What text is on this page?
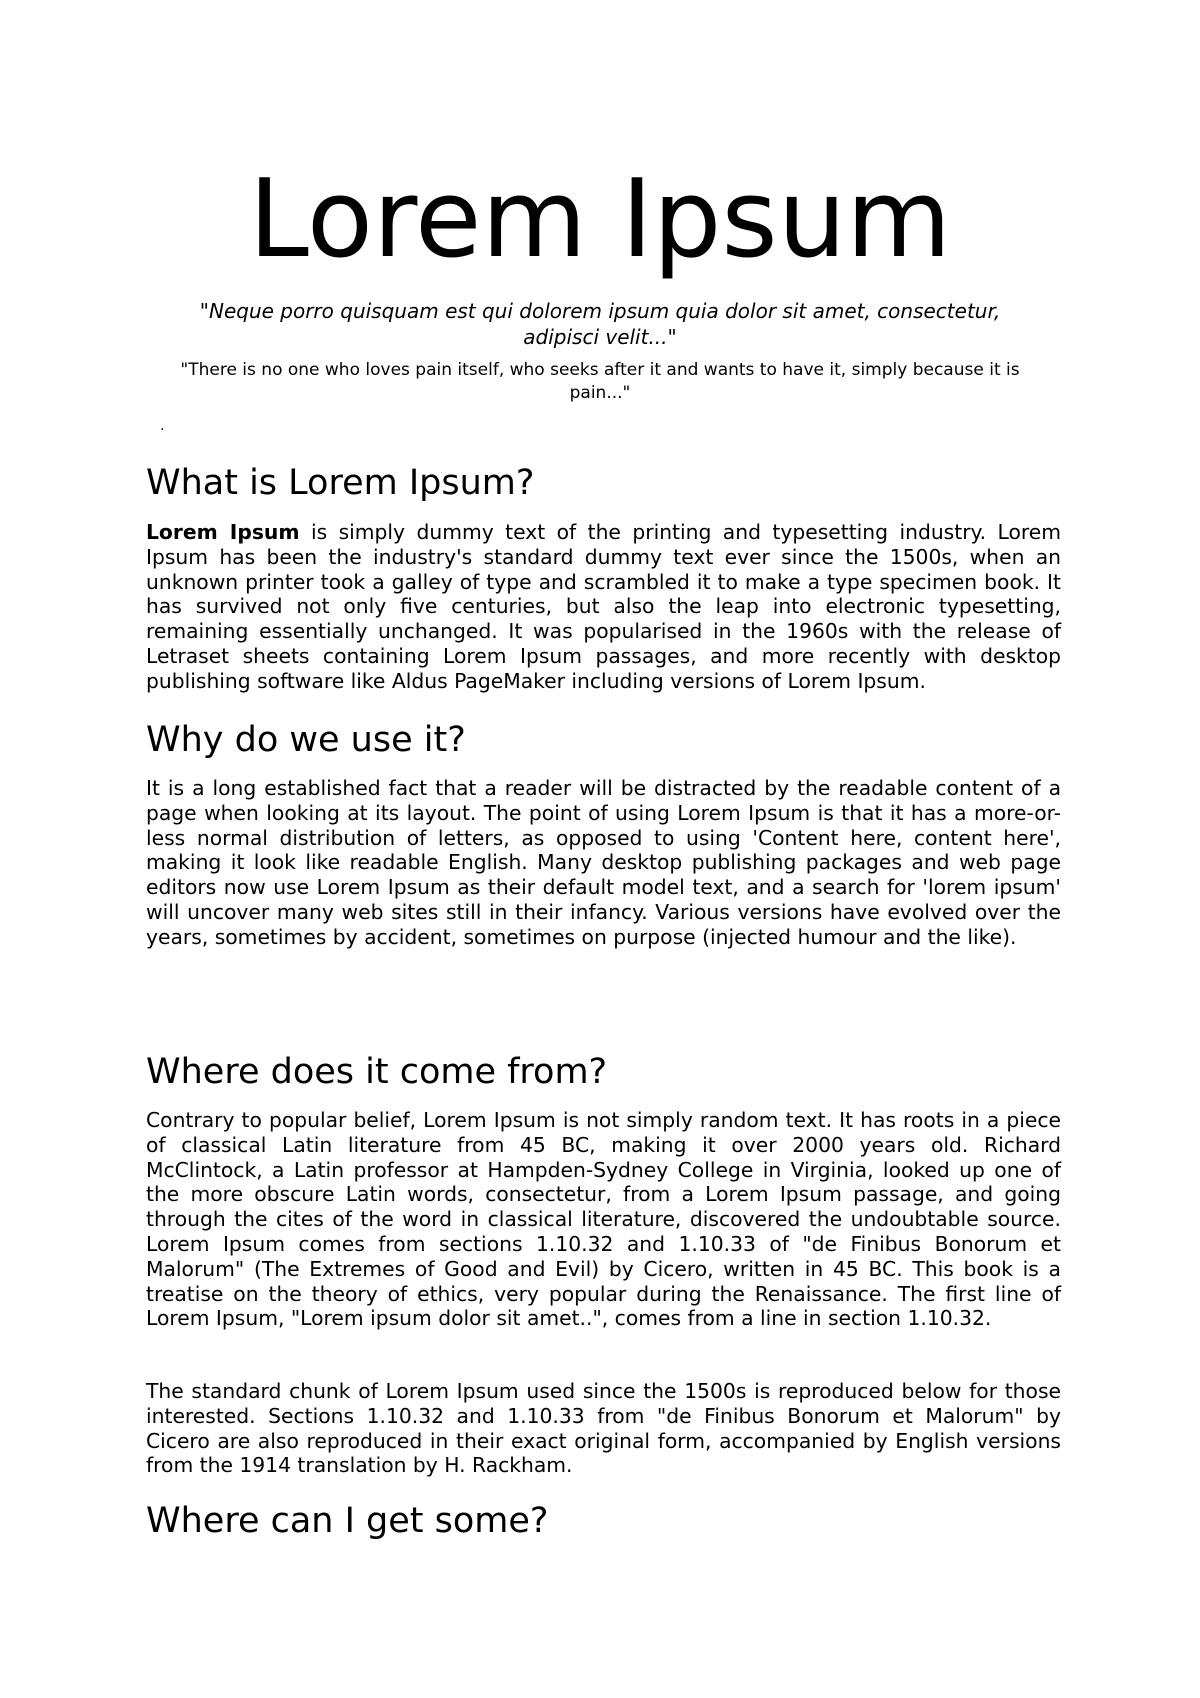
Lorem Ipsum

"Neque porro quisquam est qui dolorem ipsum quia dolor sit amet, consectetur, adipisci velit..."

"There is no one who loves pain itself, who seeks after it and wants to have it, simply because it is pain..."

.
What is Lorem Ipsum?

Lorem Ipsum is simply dummy text of the printing and typesetting industry. Lorem Ipsum has been the industry's standard dummy text ever since the 1500s, when an unknown printer took a galley of type and scrambled it to make a type specimen book. It has survived not only five centuries, but also the leap into electronic typesetting, remaining essentially unchanged. It was popularised in the 1960s with the release of Letraset sheets containing Lorem Ipsum passages, and more recently with desktop publishing software like Aldus PageMaker including versions of Lorem Ipsum.

Why do we use it?

It is a long established fact that a reader will be distracted by the readable content of a page when looking at its layout. The point of using Lorem Ipsum is that it has a more-or-less normal distribution of letters, as opposed to using 'Content here, content here', making it look like readable English. Many desktop publishing packages and web page editors now use Lorem Ipsum as their default model text, and a search for 'lorem ipsum' will uncover many web sites still in their infancy. Various versions have evolved over the years, sometimes by accident, sometimes on purpose (injected humour and the like).

Where does it come from?

Contrary to popular belief, Lorem Ipsum is not simply random text. It has roots in a piece of classical Latin literature from 45 BC, making it over 2000 years old. Richard McClintock, a Latin professor at Hampden-Sydney College in Virginia, looked up one of the more obscure Latin words, consectetur, from a Lorem Ipsum passage, and going through the cites of the word in classical literature, discovered the undoubtable source. Lorem Ipsum comes from sections 1.10.32 and 1.10.33 of "de Finibus Bonorum et Malorum" (The Extremes of Good and Evil) by Cicero, written in 45 BC. This book is a treatise on the theory of ethics, very popular during the Renaissance. The first line of Lorem Ipsum, "Lorem ipsum dolor sit amet..", comes from a line in section 1.10.32.

The standard chunk of Lorem Ipsum used since the 1500s is reproduced below for those interested. Sections 1.10.32 and 1.10.33 from "de Finibus Bonorum et Malorum" by Cicero are also reproduced in their exact original form, accompanied by English versions from the 1914 translation by H. Rackham.

Where can I get some?
